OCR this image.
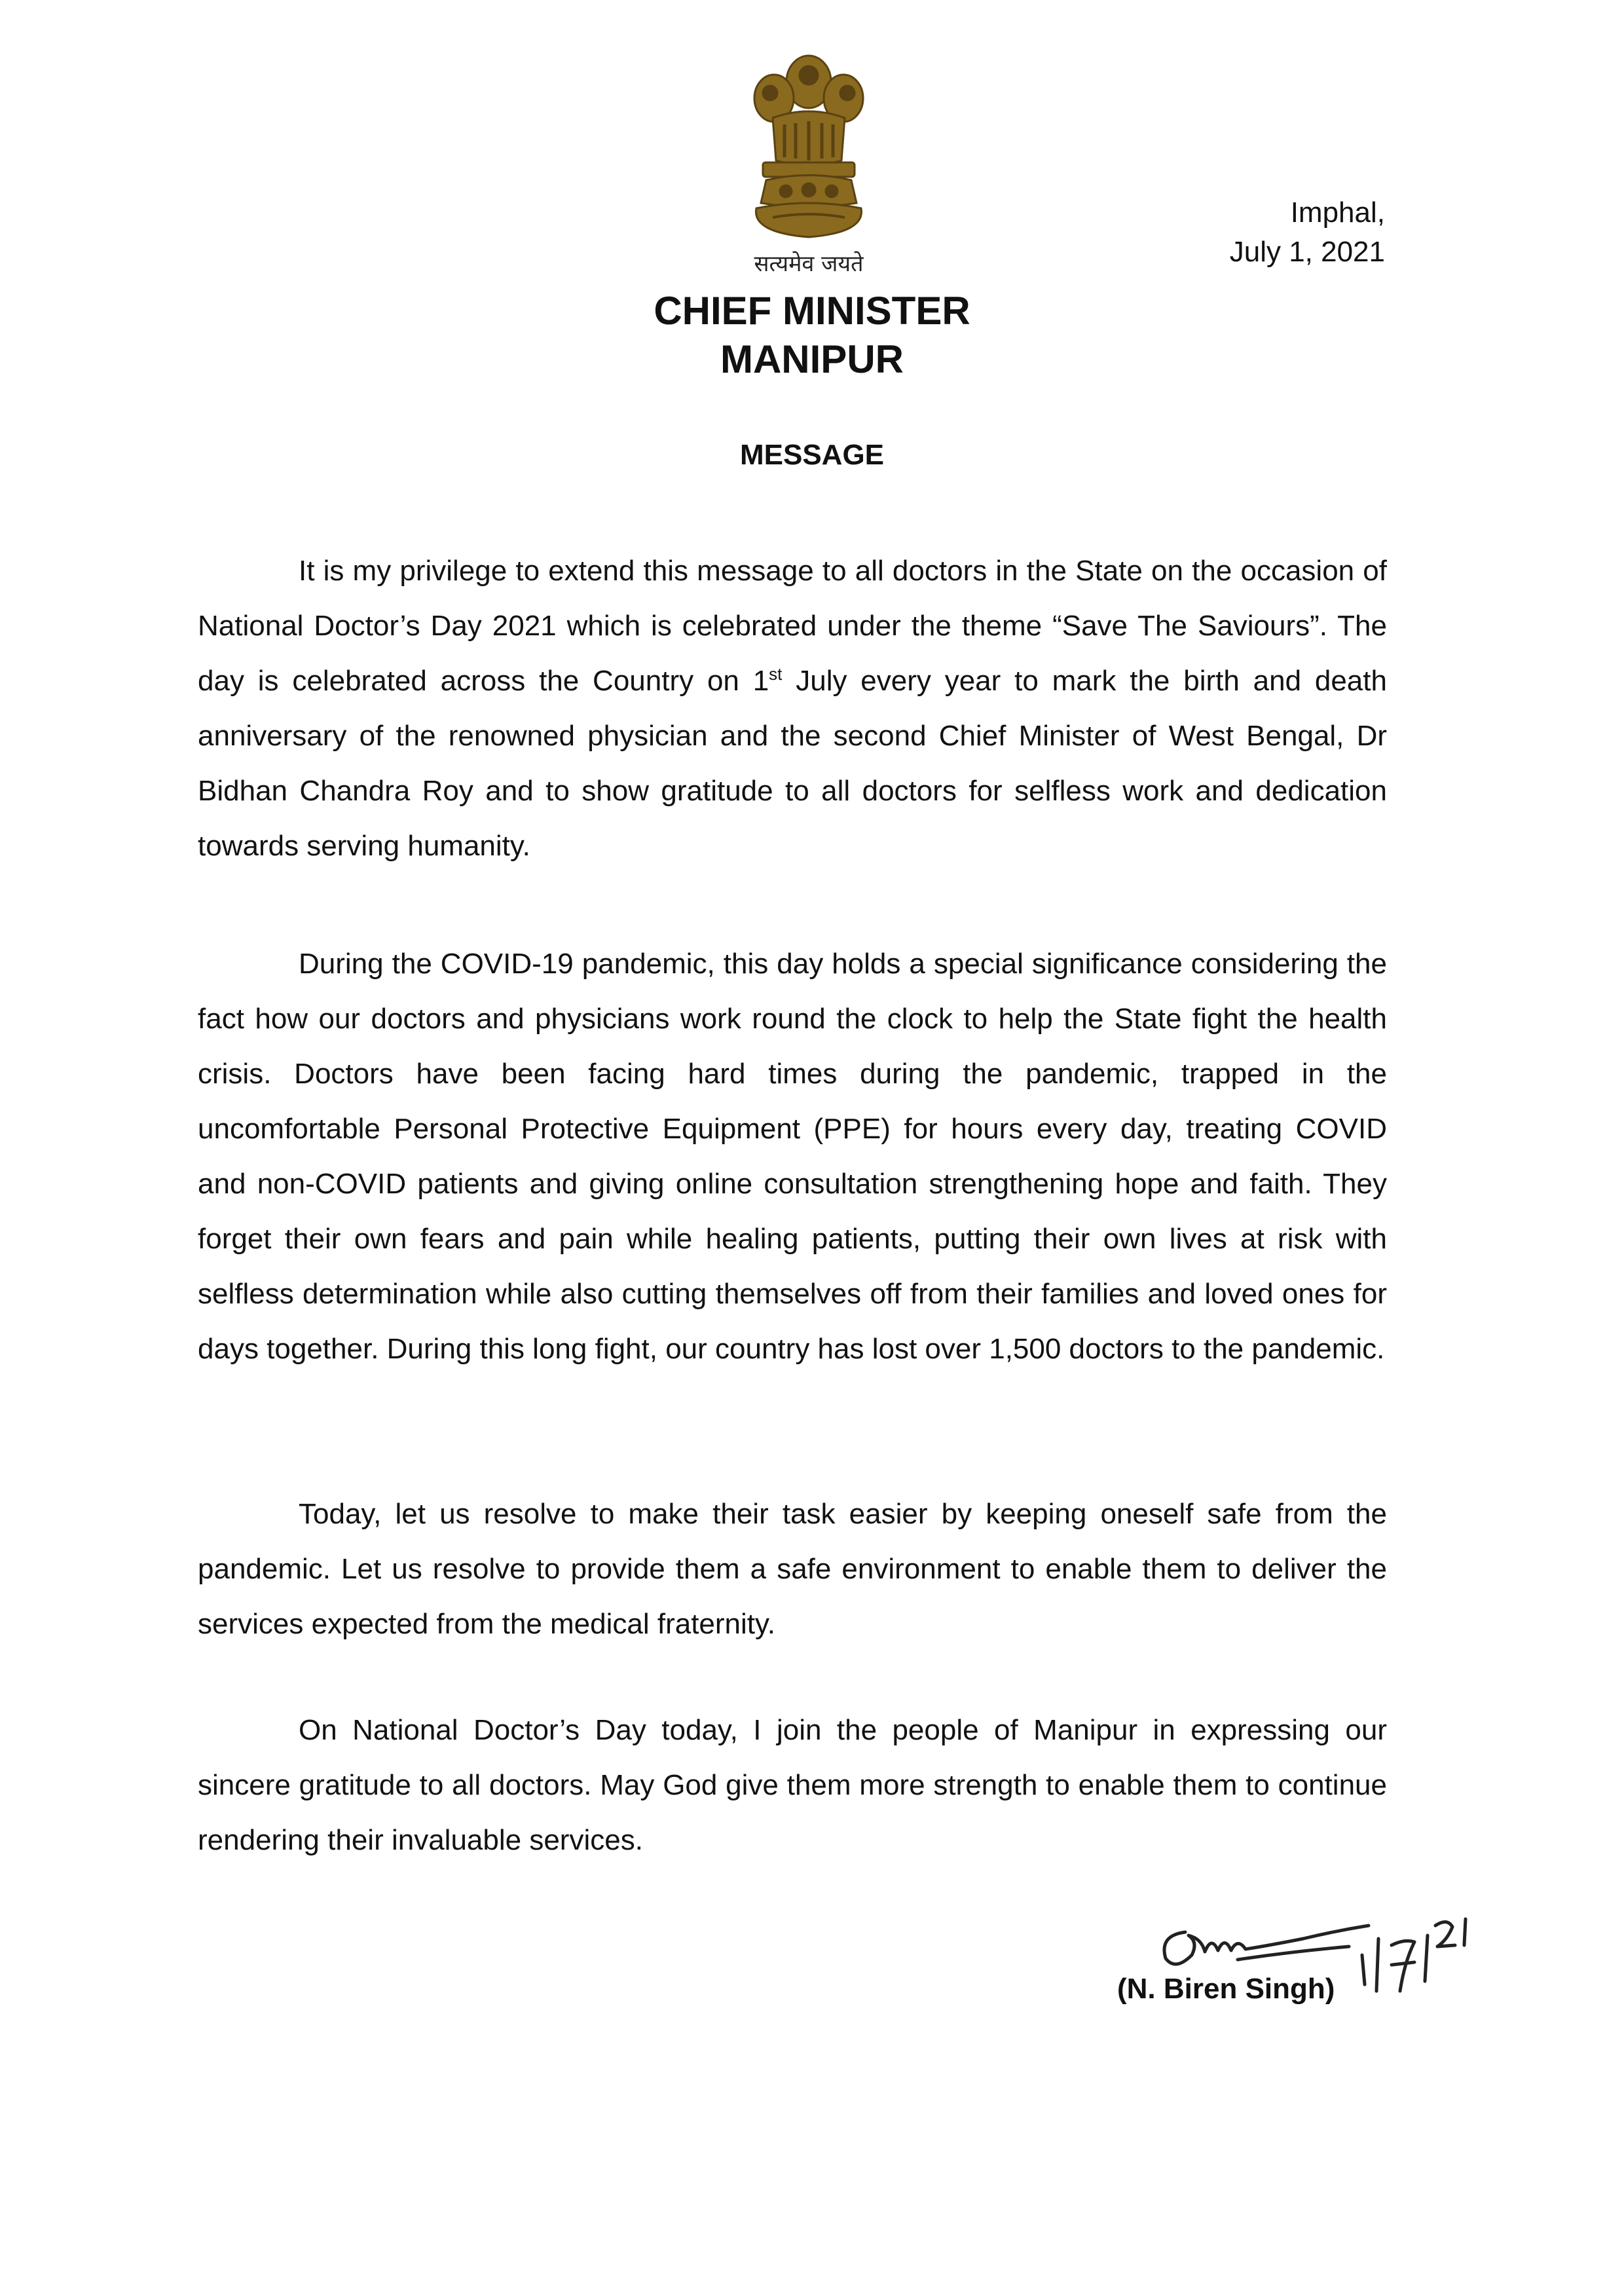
सत्यमेव जयते
Imphal,
July 1, 2021
CHIEF MINISTER
MANIPUR
MESSAGE

It is my privilege to extend this message to all doctors in the State on the occasion of National Doctor’s Day 2021 which is celebrated under the theme “Save The Saviours”. The day is celebrated across the Country on 1st July every year to mark the birth and death anniversary of the renowned physician and the second Chief Minister of West Bengal, Dr Bidhan Chandra Roy and to show gratitude to all doctors for selfless work and dedication towards serving humanity.

During the COVID-19 pandemic, this day holds a special significance considering the fact how our doctors and physicians work round the clock to help the State fight the health crisis. Doctors have been facing hard times during the pandemic, trapped in the uncomfortable Personal Protective Equipment (PPE) for hours every day, treating COVID and non-COVID patients and giving online consultation strengthening hope and faith. They forget their own fears and pain while healing patients, putting their own lives at risk with selfless determination while also cutting themselves off from their families and loved ones for days together. During this long fight, our country has lost over 1,500 doctors to the pandemic.

Today, let us resolve to make their task easier by keeping oneself safe from the pandemic. Let us resolve to provide them a safe environment to enable them to deliver the services expected from the medical fraternity.

On National Doctor’s Day today, I join the people of Manipur in expressing our sincere gratitude to all doctors. May God give them more strength to enable them to continue rendering their invaluable services.

(N. Biren Singh)
